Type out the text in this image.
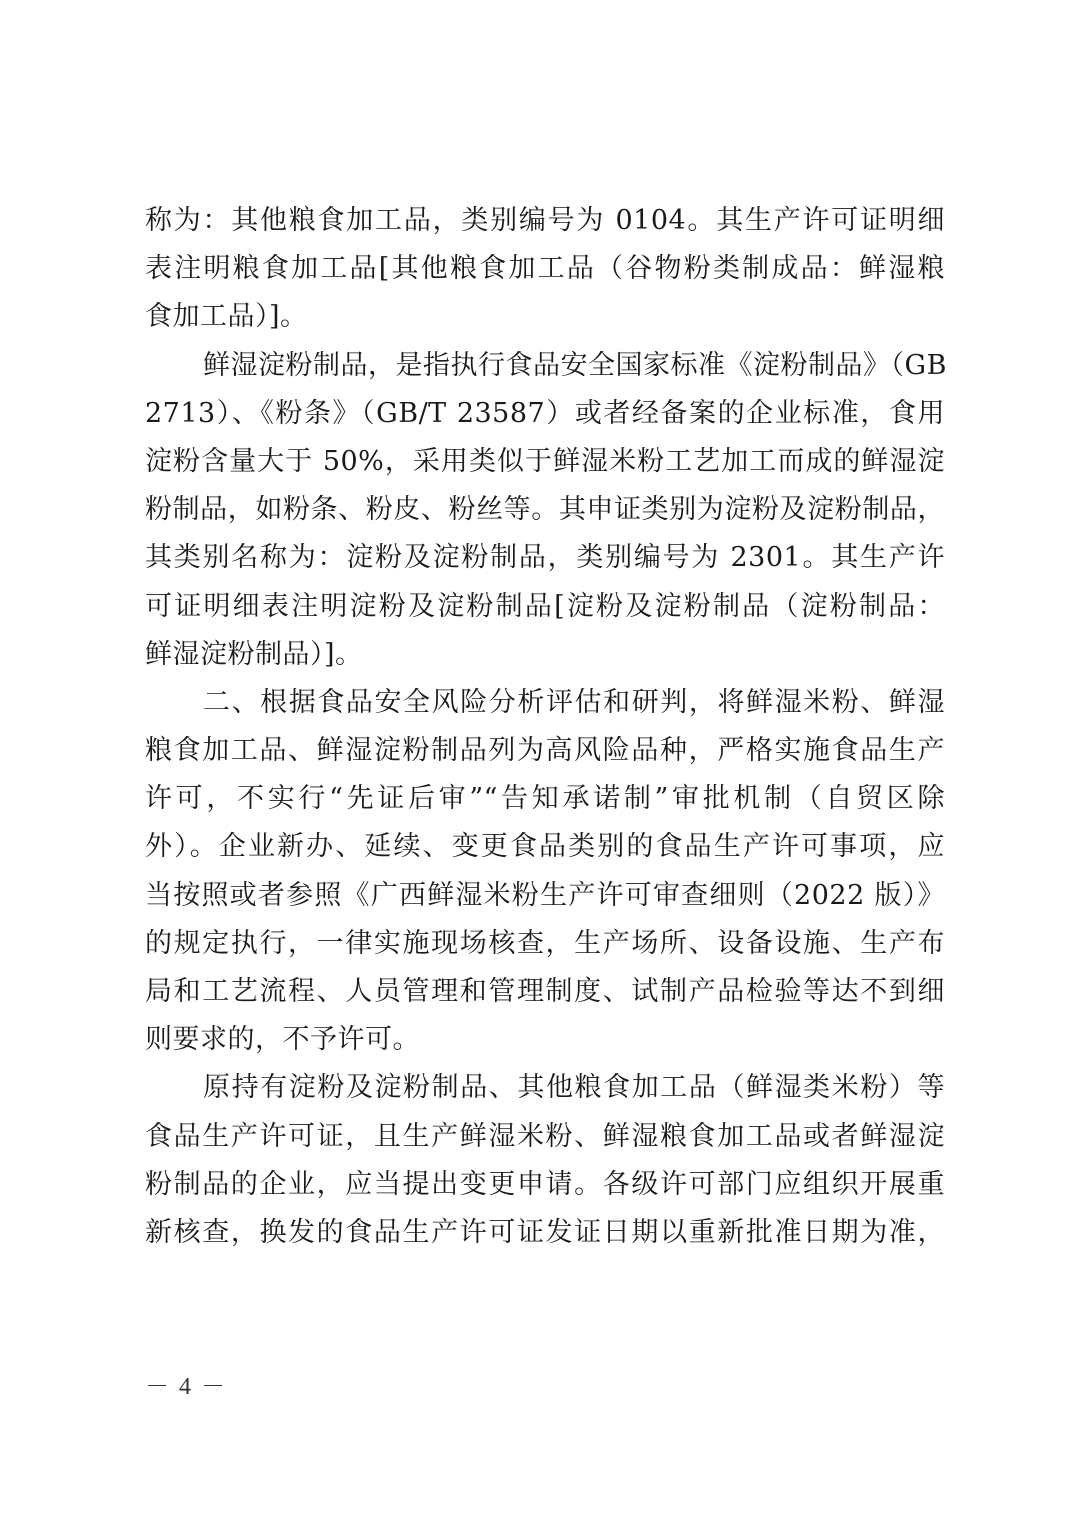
称为：其他粮食加工品，类别编号为 0104。其生产许可证明细
表注明粮食加工品[其他粮食加工品（谷物粉类制成品：鲜湿粮
食加工品）]。
鲜湿淀粉制品，是指执行食品安全国家标准《淀粉制品》（GB
2713）、《粉条》（GB/T 23587）或者经备案的企业标准，食用
淀粉含量大于 50%，采用类似于鲜湿米粉工艺加工而成的鲜湿淀
粉制品，如粉条、粉皮、粉丝等。其申证类别为淀粉及淀粉制品，
其类别名称为：淀粉及淀粉制品，类别编号为 2301。其生产许
可证明细表注明淀粉及淀粉制品[淀粉及淀粉制品（淀粉制品：
鲜湿淀粉制品）]。
二、根据食品安全风险分析评估和研判，将鲜湿米粉、鲜湿
粮食加工品、鲜湿淀粉制品列为高风险品种，严格实施食品生产
许可，不实行“先证后审”“告知承诺制”审批机制（自贸区除
外）。企业新办、延续、变更食品类别的食品生产许可事项，应
当按照或者参照《广西鲜湿米粉生产许可审查细则（2022 版）》
的规定执行，一律实施现场核查，生产场所、设备设施、生产布
局和工艺流程、人员管理和管理制度、试制产品检验等达不到细
则要求的，不予许可。
原持有淀粉及淀粉制品、其他粮食加工品（鲜湿类米粉）等
食品生产许可证，且生产鲜湿米粉、鲜湿粮食加工品或者鲜湿淀
粉制品的企业，应当提出变更申请。各级许可部门应组织开展重
新核查，换发的食品生产许可证发证日期以重新批准日期为准，
－ 4 －
